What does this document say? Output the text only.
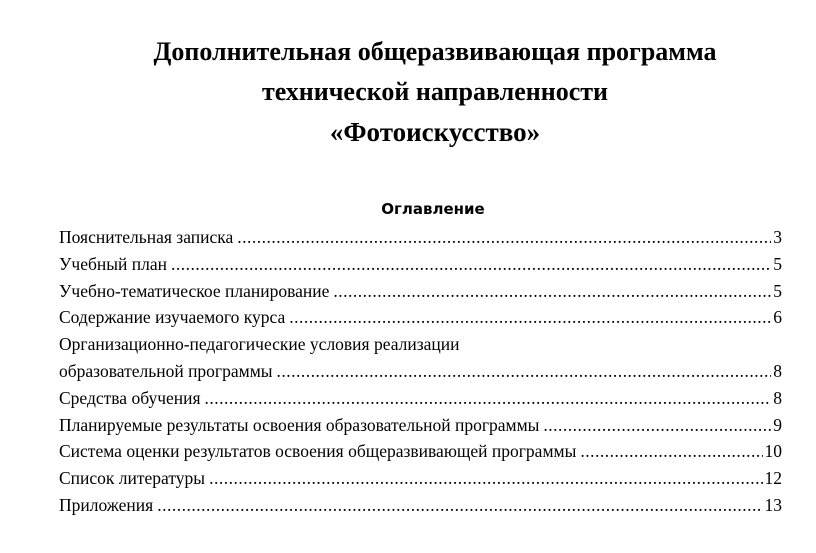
Дополнительная общеразвивающая программа
технической направленности
«Фотоискусство»
Оглавление
Пояснительная записка .....	3
Учебный план .....	5
Учебно-тематическое планирование .....	5
Содержание изучаемого курса .....	6
Организационно-педагогические условия реализации
образовательной программы .....	8
Средства обучения .....	8
Планируемые результаты освоения образовательной программы .....	9
Система оценки результатов освоения общеразвивающей программы .....	10
Список литературы .....	12
Приложения .....	13
